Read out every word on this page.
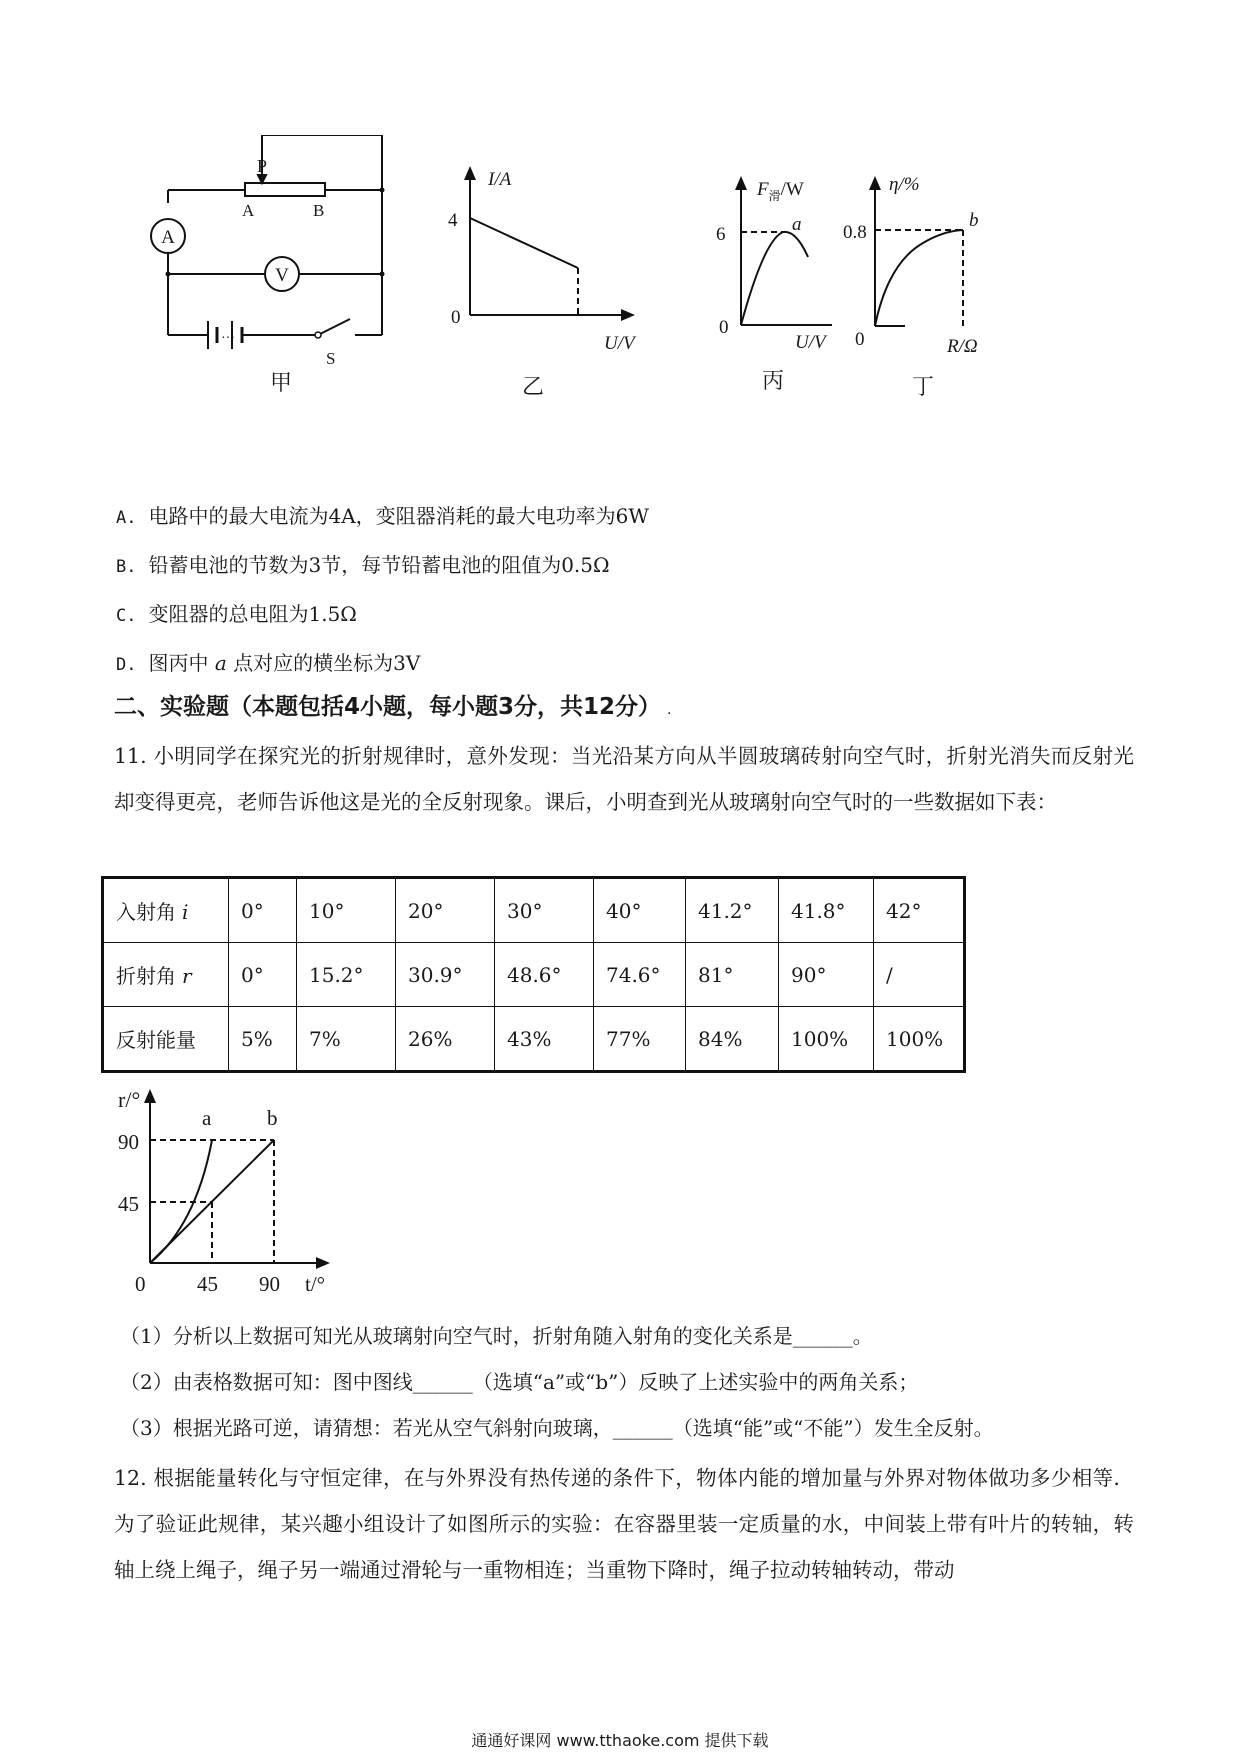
···
P
A	B
A
V
S
甲
I/A
4
0
U/V
乙
$F_滑/W$
6
0
a
U/V
丙
η/%
0.8
0
b
R/Ω
丁
A. 电路中的最大电流为4A，变阻器消耗的最大电功率为6W
B. 铅蓄电池的节数为3节，每节铅蓄电池的阻值为0.5Ω
C. 变阻器的总电阻为1.5Ω
D. 图丙中 a 点对应的横坐标为3V
二、实验题（本题包括4小题，每小题3分，共12分） .
11. 小明同学在探究光的折射规律时，意外发现：当光沿某方向从半圆玻璃砖射向空气时，折射光消失而反射光却变得更亮，老师告诉他这是光的全反射现象。课后，小明查到光从玻璃射向空气时的一些数据如下表：
入射角 i	0°	10°	20°	30°	40°	41.2°	41.8°	42°
折射角 r	0°	15.2°	30.9°	48.6°	74.6°	81°	90°	/
反射能量	5%	7%	26%	43%	77%	84%	100%	100%
r/°
90
45
0 45 90 t/°
a	b
（1）分析以上数据可知光从玻璃射向空气时，折射角随入射角的变化关系是______。
（2）由表格数据可知：图中图线______（选填“a”或“b”）反映了上述实验中的两角关系；
（3）根据光路可逆，请猜想：若光从空气斜射向玻璃，______（选填“能”或“不能”）发生全反射。
12. 根据能量转化与守恒定律，在与外界没有热传递的条件下，物体内能的增加量与外界对物体做功多少相等．为了验证此规律，某兴趣小组设计了如图所示的实验：在容器里装一定质量的水，中间装上带有叶片的转轴，转轴上绕上绳子，绳子另一端通过滑轮与一重物相连；当重物下降时，绳子拉动转轴转动，带动
通通好课网 www.tthaoke.com 提供下载
